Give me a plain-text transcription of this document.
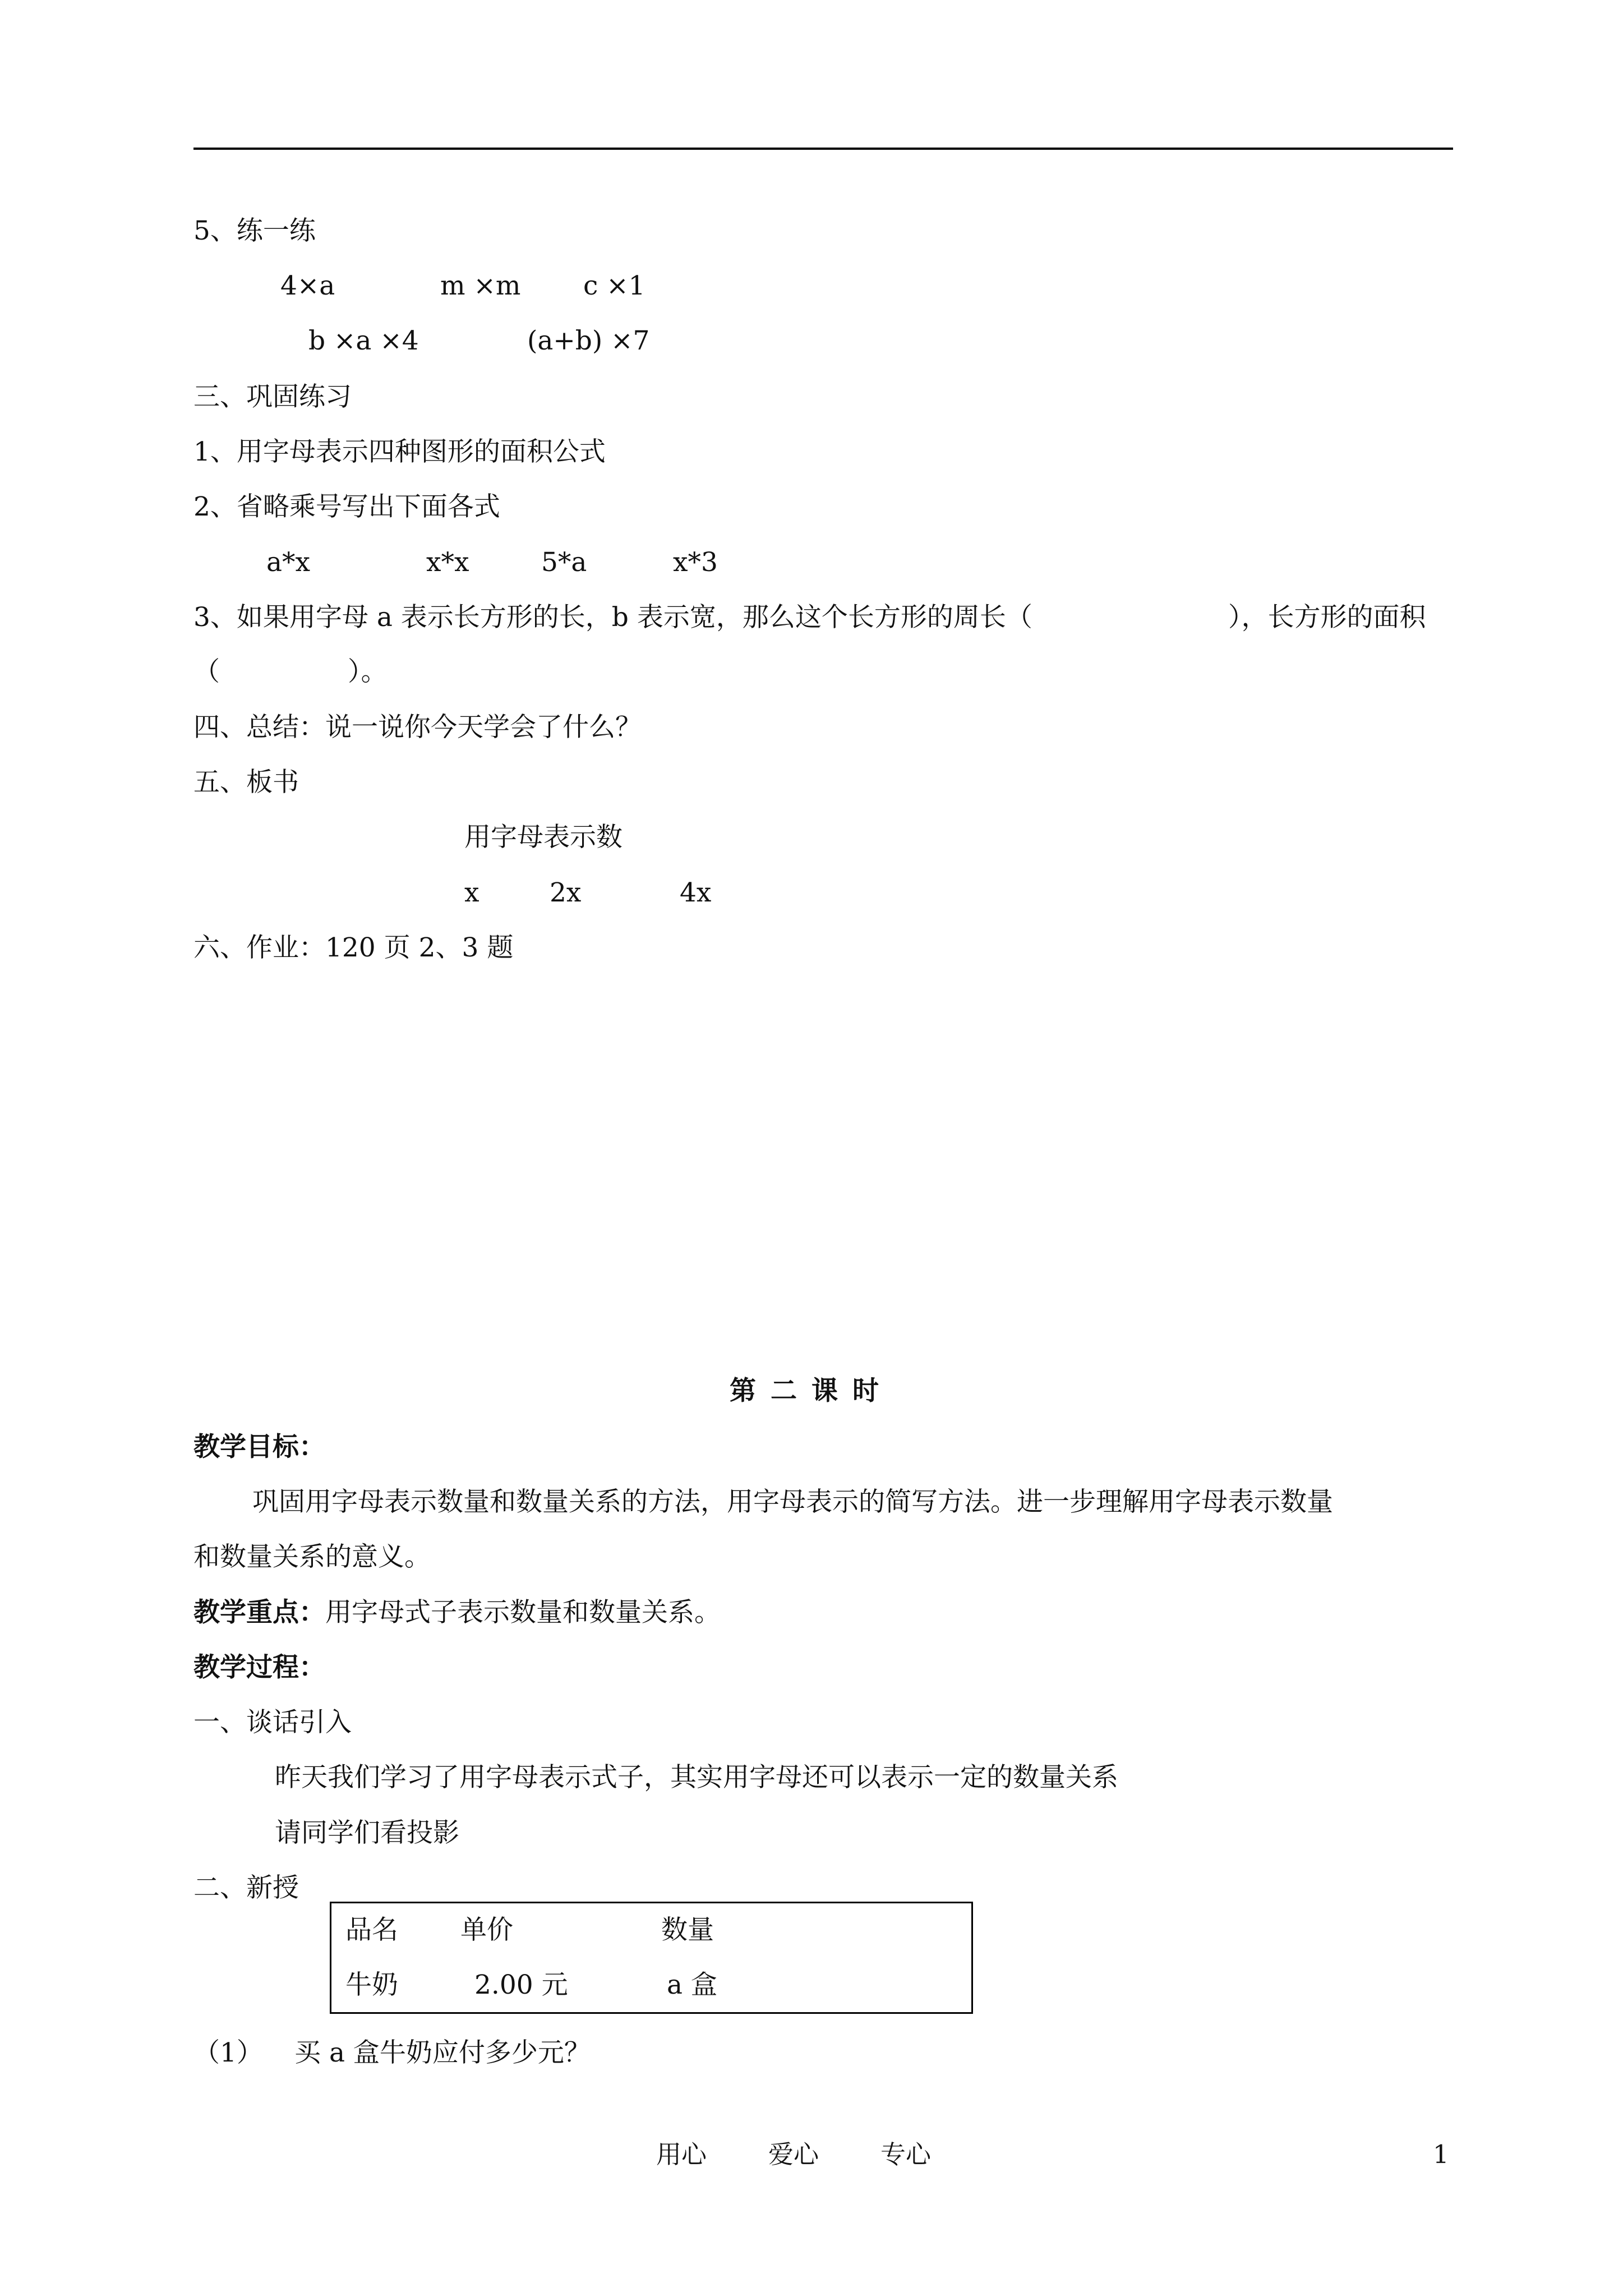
5、练一练

4×a

	m ×m

c ×1

b ×a ×4

	(a+b) ×7

三、巩固练习
1、用字母表示四种图形的面积公式
2、省略乘号写出下面各式

a*x

	x*x

	5*a

	x*3

3、如果用字母 a 表示长方形的长，b 表示宽，那么这个长方形的周长（

	），长方形的面积

（

	）。

四、总结：说一说你今天学会了什么？
五、板书
用字母表示数

x

	2x

	4x

六、作业：120 页 2、3 题
第二课时
教学目标：
巩固用字母表示数量和数量关系的方法，用字母表示的简写方法。进一步理解用字母表示数量
和数量关系的意义。

教学重点：

用字母式子表示数量和数量关系。

教学过程：
一、谈话引入
昨天我们学习了用字母表示式子，其实用字母还可以表示一定的数量关系
请同学们看投影
二、新授
品名 单价	数量
牛奶	2.00 元	a 盒

（1）

买 a 盒牛奶应付多少元？

用心 爱心 专心	1
